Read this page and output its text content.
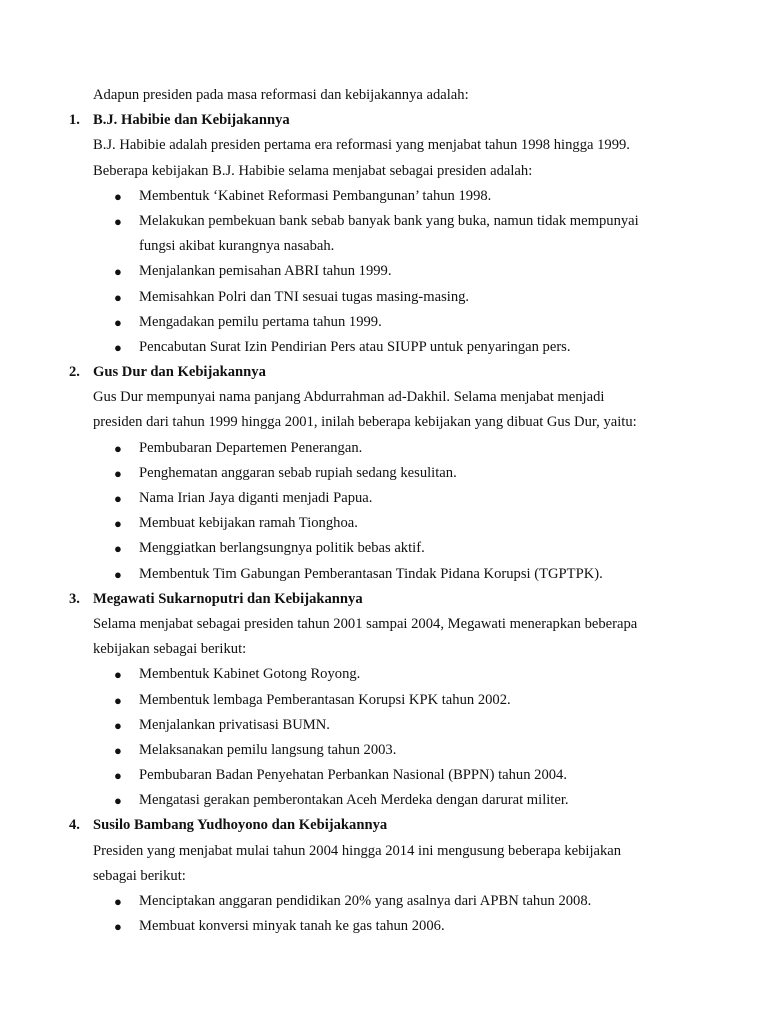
Adapun presiden pada masa reformasi dan kebijakannya adalah:
1. B.J. Habibie dan Kebijakannya
B.J. Habibie adalah presiden pertama era reformasi yang menjabat tahun 1998 hingga 1999.
Beberapa kebijakan B.J. Habibie selama menjabat sebagai presiden adalah:
● Membentuk ‘Kabinet Reformasi Pembangunan’ tahun 1998.
● Melakukan pembekuan bank sebab banyak bank yang buka, namun tidak mempunyai
fungsi akibat kurangnya nasabah.
● Menjalankan pemisahan ABRI tahun 1999.
● Memisahkan Polri dan TNI sesuai tugas masing-masing.
● Mengadakan pemilu pertama tahun 1999.
● Pencabutan Surat Izin Pendirian Pers atau SIUPP untuk penyaringan pers.
2. Gus Dur dan Kebijakannya
Gus Dur mempunyai nama panjang Abdurrahman ad-Dakhil. Selama menjabat menjadi
presiden dari tahun 1999 hingga 2001, inilah beberapa kebijakan yang dibuat Gus Dur, yaitu:
● Pembubaran Departemen Penerangan.
● Penghematan anggaran sebab rupiah sedang kesulitan.
● Nama Irian Jaya diganti menjadi Papua.
● Membuat kebijakan ramah Tionghoa.
● Menggiatkan berlangsungnya politik bebas aktif.
● Membentuk Tim Gabungan Pemberantasan Tindak Pidana Korupsi (TGPTPK).
3. Megawati Sukarnoputri dan Kebijakannya
Selama menjabat sebagai presiden tahun 2001 sampai 2004, Megawati menerapkan beberapa
kebijakan sebagai berikut:
● Membentuk Kabinet Gotong Royong.
● Membentuk lembaga Pemberantasan Korupsi KPK tahun 2002.
● Menjalankan privatisasi BUMN.
● Melaksanakan pemilu langsung tahun 2003.
● Pembubaran Badan Penyehatan Perbankan Nasional (BPPN) tahun 2004.
● Mengatasi gerakan pemberontakan Aceh Merdeka dengan darurat militer.
4. Susilo Bambang Yudhoyono dan Kebijakannya
Presiden yang menjabat mulai tahun 2004 hingga 2014 ini mengusung beberapa kebijakan
sebagai berikut:
● Menciptakan anggaran pendidikan 20% yang asalnya dari APBN tahun 2008.
● Membuat konversi minyak tanah ke gas tahun 2006.
